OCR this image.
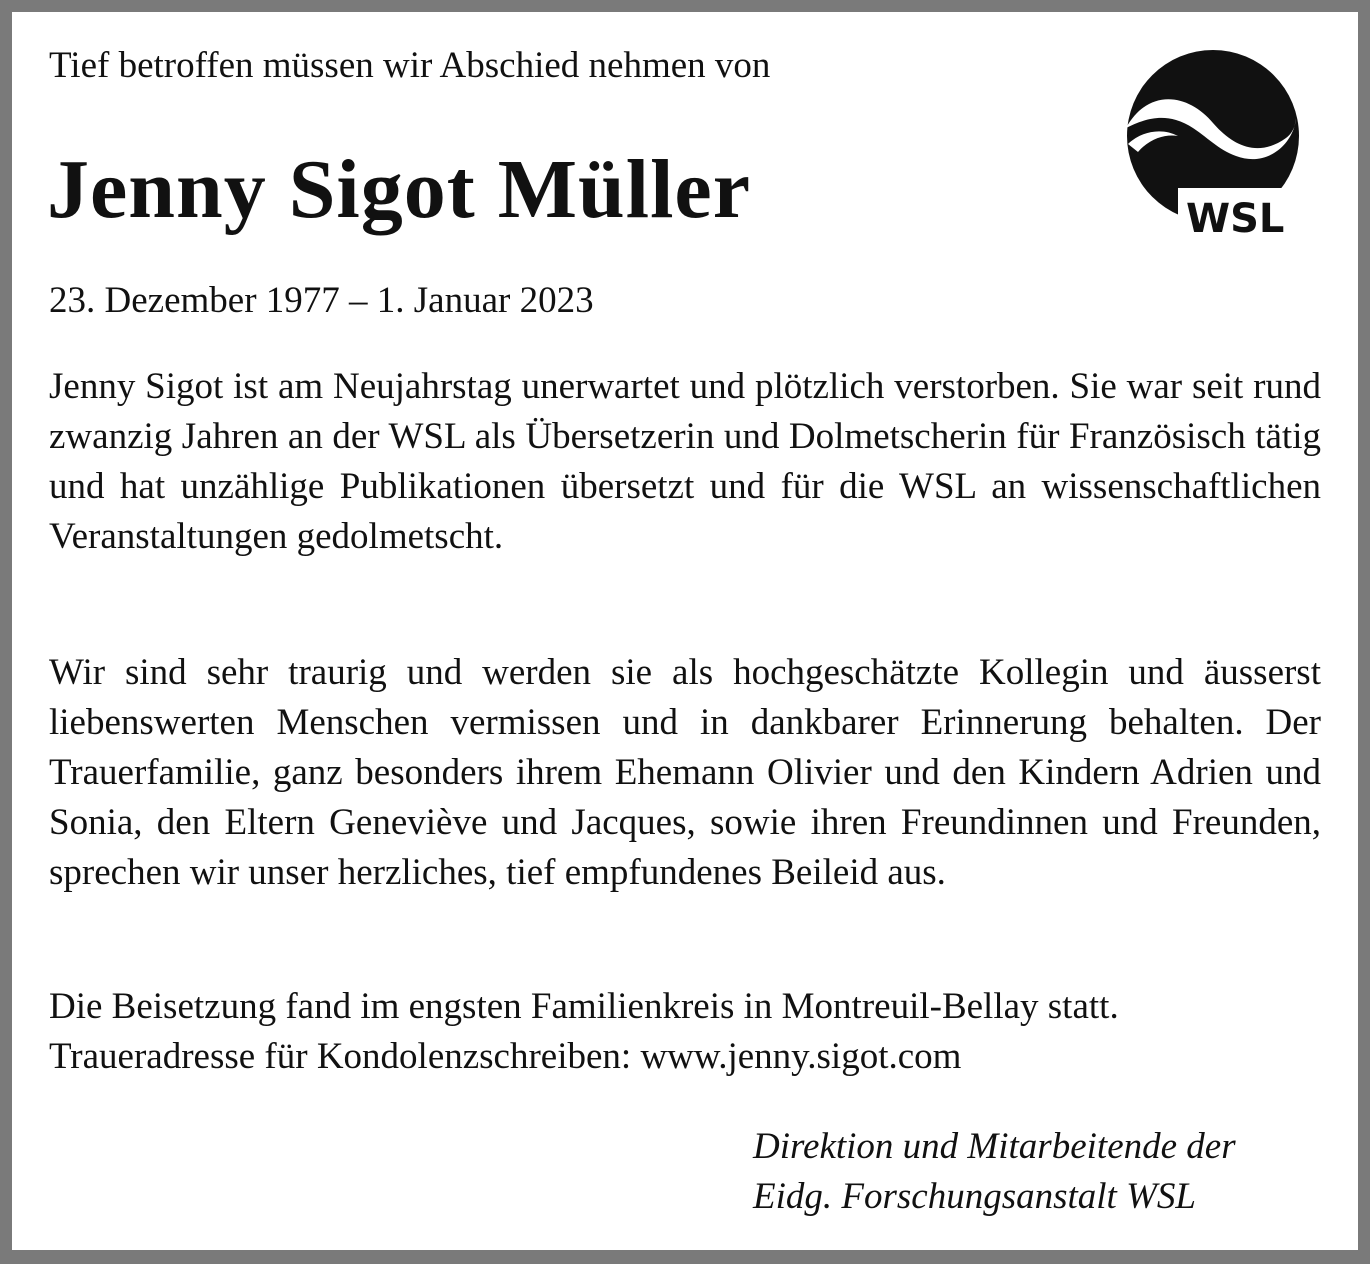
Tief betroffen müssen wir Abschied nehmen von
Jenny Sigot Müller
23. Dezember 1977 – 1. Januar 2023

Jenny Sigot ist am Neujahrstag unerwartet und plötzlich verstorben. Sie war seit rund zwanzig Jahren an der WSL als Übersetzerin und Dolmetscherin für Französisch tätig und hat unzählige Publikationen übersetzt und für die WSL an wissenschaftlichen Veranstaltungen gedolmetscht.

Wir sind sehr traurig und werden sie als hochgeschätzte Kollegin und äusserst liebenswerten Menschen vermissen und in dankbarer Erinnerung behalten. Der Trauerfamilie, ganz besonders ihrem Ehemann Olivier und den Kindern Adrien und Sonia, den Eltern Geneviève und Jacques, sowie ihren Freundinnen und Freunden, sprechen wir unser herzliches, tief empfundenes Beileid aus.

Die Beisetzung fand im engsten Familienkreis in Montreuil-Bellay statt.
Traueradresse für Kondolenzschreiben: www.jenny.sigot.com
Direktion und Mitarbeitende der
Eidg. Forschungsanstalt WSL
WSL
